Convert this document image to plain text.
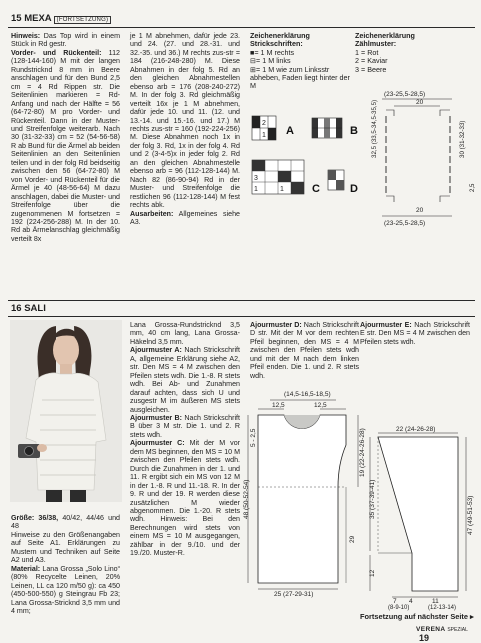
15 MEXA (FORTSETZUNG)

Hinweis: Das Top wird in einem Stück in Rd gestr.

Vorder- und Rückenteil: 112 (128-144-160) M mit der langen Rundstricknd 8 mm in Beere anschlagen und für den Bund 2,5 cm = 4 Rd Rippen str. Die Seitenlinien markieren = Rd-Anfang und nach der Hälfte = 56 (64-72-80) M pro Vorder- und Rückenteil. Dann in der Muster- und Streifenfolge weiterarb. Nach 30 (31-32-33) cm = 52 (54-56-58) R ab Bund für die Ärmel ab beiden Seitenlinien an den Seitenlinien teilen und in der folg Rd beidseitig zwischen den 56 (64-72-80) M von Vorder- und Rückenteil für die Ärmel je 40 (48-56-64) M dazu anschlagen, dabei die Muster- und Streifenfolge über die zugenommenen M fortsetzen = 192 (224-256-288) M. In der 10. Rd ab Ärmelanschlag gleichmäßig verteilt 8x

je 1 M abnehmen, dafür jede 23. und 24. (27. und 28.-31. und 32.-35. und 36.) M rechts zus-str = 184 (216-248-280) M. Diese Abnahmen in der folg 5. Rd an den gleichen Abnahmestellen ebenso arb = 176 (208-240-272) M. In der folg 3. Rd gleichmäßig verteilt 16x je 1 M abnehmen, dafür jede 10. und 11. (12. und 13.-14. und 15.-16. und 17.) M rechts zus-str = 160 (192-224-256) M. Diese Abnahmen noch 1x in der folg 3. Rd, 1x in der folg 4. Rd und 2 (3-4-5)x in jeder folg 2. Rd an den gleichen Abnahmestelle ebenso arb = 96 (112-128-144) M. Nach 82 (86-90-94) Rd in der Muster- und Streifenfolge die restlichen 96 (112-128-144) M fest rechts abk.

Ausarbeiten: Allgemeines siehe A3.

Zeichenerklärung
Strickschriften:
■= 1 M rechts
⊟= 1 M links
⊞= 1 M wie zum Linksstr abheben, Faden liegt hinter der M
Zeichenerklärung
Zählmuster:
1 = Rot
2 = Kaviar
3 = Beere
2
1 A	B
3
1	1	C	D
(23-25,5-28,5)
20
32,5 (33,5-34,5-35,5)	30 (31-32-33)
2,5
20
(23-25,5-28,5)
16 SALI

Größe: 36/38, 40/42, 44/46 und 48

Hinweise zu den Größenangaben auf Seite A1. Erklärungen zu Mustern und Techniken auf Seite A2 und A3.

Material: Lana Grossa „Solo Lino“ (80% Recycelte Leinen, 20% Leinen, LL ca 120 m/50 g): ca 450 (450-500-550) g Steingrau Fb 23; Lana Grossa-Stricknd 3,5 mm und 4 mm;

Lana Grossa-Rundstricknd 3,5 mm, 40 cm lang, Lana Grossa-Häkelnd 3,5 mm.

Ajourmuster A: Nach Strickschrift A, allgemeine Erklärung siehe A2, str. Den MS = 4 M zwischen den Pfeilen stets wdh. Die 1.-8. R stets wdh. Bei Ab- und Zunahmen darauf achten, dass sich U und zusgestr M im äußeren MS stets ausgleichen.

Ajourmuster B: Nach Strickschrift B über 3 M str. Die 1. und 2. R stets wdh.

Ajourmuster C: Mit der M vor dem MS beginnen, den MS = 10 M zwischen den Pfeilen stets wdh. Durch die Zunahmen in der 1. und 11. R ergibt sich ein MS von 12 M in der 1.-8. R und 11.-18. R. In der 9. R und der 19. R werden diese zusätzlichen M wieder abgenommen. Die 1.-20. R stets wdh. Hinweis: Bei den Berechnungen wird stets von einem MS = 10 M ausgegangen, zählbar in der 9./10. und der 19./20. Muster-R.

Ajourmuster D: Nach Strickschrift D str. Mit der M vor dem rechten Pfeil beginnen, den MS = 4 M zwischen den Pfeilen stets wdh und mit der M nach dem linken Pfeil enden. Die 1. und 2. R stets wdh.

Ajourmuster E: Nach Strickschrift E str. Den MS = 4 M zwischen den Pfeilen stets wdh.

(14,5-16,5-18,5)
12,5	12,5
48 (50-52-54)
5 - 2,5	19 (22-24-26-28)
29
25 (27-29-31)
22 (24-26-28)
35 (37-39-41)
12
47 (49-51-53)
7 4	11
(8-9-10)	(12-13-14)
Fortsetzung auf nächster Seite ▸
VERENA SPEZIAL 19
